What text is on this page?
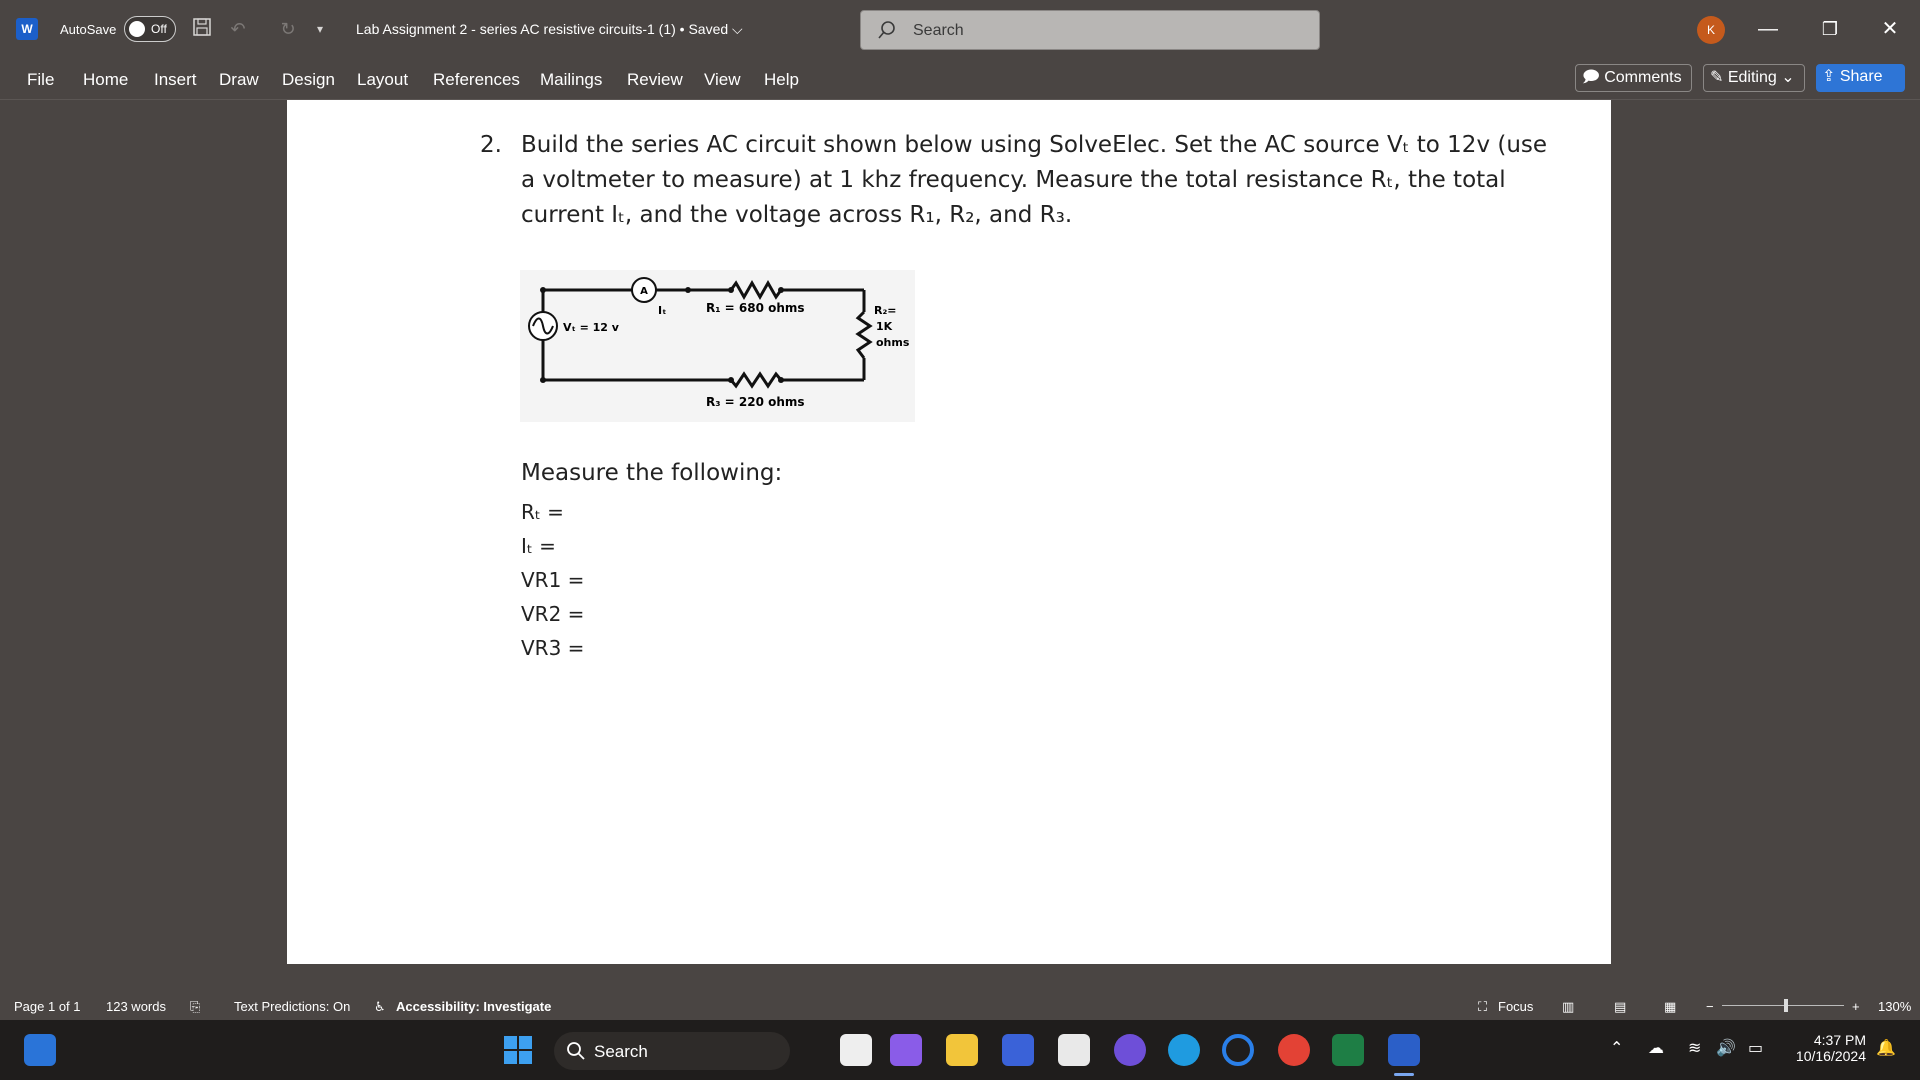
W	AutoSave	Off	↶ ↻	▾	Lab Assignment 2 - series AC resistive circuits-1 (1) • Saved ⌵	Search	K	—	❐	✕
File Home Insert Draw Design Layout References Mailings Review View Help	🗩 Comments	✎ Editing ⌄	⇪ Share
2. Build the series AC circuit shown below using SolveElec. Set the AC source Vₜ to 12v (use
a voltmeter to measure) at 1 khz frequency. Measure the total resistance Rₜ, the total
current Iₜ, and the voltage across R₁, R₂, and R₃.
A
Iₜ
Vₜ = 12 v
R₁ = 680 ohms	R₂=
1K
ohms
R₃ = 220 ohms
Measure the following:
Rₜ =
Iₜ =
VR1 =
VR2 =
VR3 =
Page 1 of 1 123 words ⎘	Text Predictions: On ♿ Accessibility: Investigate	⛶ Focus ▥	▤	▦ −	+ 130%
Search	⌃ ☁ ≋ 🔊 ▭	4:37 PM
10/16/2024 🔔
